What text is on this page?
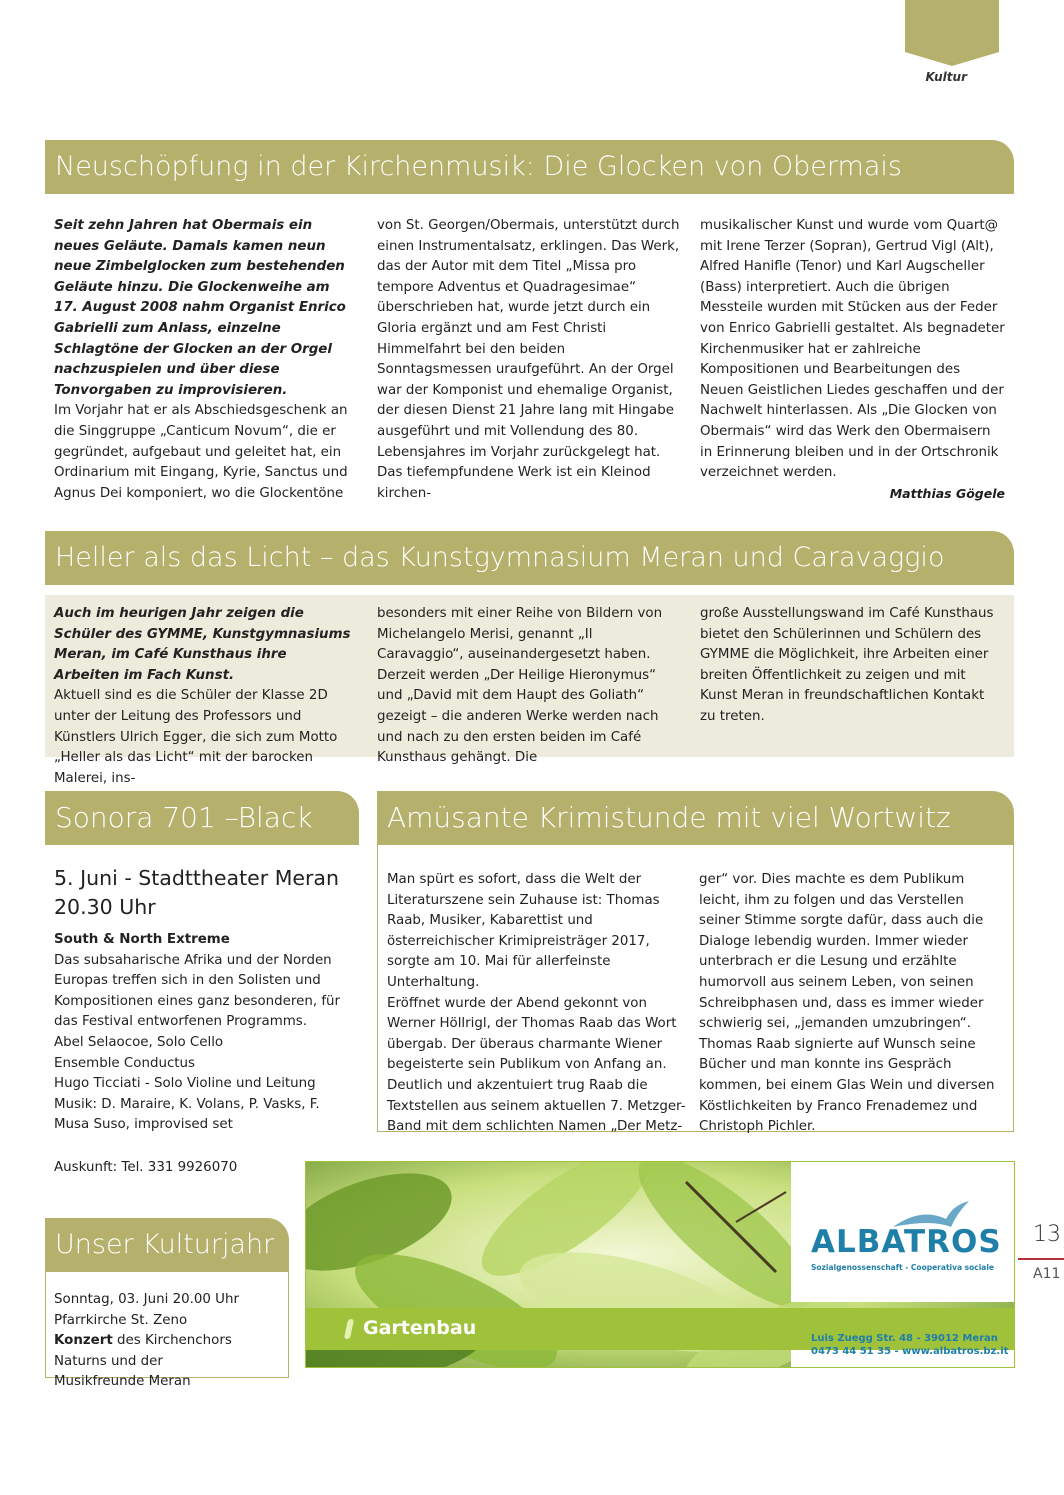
Kultur
Neuschöpfung in der Kirchenmusik: Die Glocken von Obermais

Seit zehn Jahren hat Obermais ein neues Geläute. Damals kamen neun neue Zimbelglocken zum bestehenden Geläute hinzu. Die Glockenweihe am 17. August 2008 nahm Organist Enrico Gabrielli zum Anlass, einzelne Schlagtöne der Glocken an der Orgel nachzuspielen und über diese Tonvorgaben zu improvisieren.

Im Vorjahr hat er als Abschiedsgeschenk an die Singgruppe „Canticum Novum“, die er gegründet, aufgebaut und geleitet hat, ein Ordinarium mit Eingang, Kyrie, Sanctus und Agnus Dei komponiert, wo die Glockentöne

von St. Georgen/Obermais, unterstützt durch einen Instrumentalsatz, erklingen. Das Werk, das der Autor mit dem Titel „Missa pro tempore Adventus et Quadragesimae“ überschrieben hat, wurde jetzt durch ein Gloria ergänzt und am Fest Christi Himmelfahrt bei den beiden Sonntagsmessen uraufgeführt. An der Orgel war der Komponist und ehemalige Organist, der diesen Dienst 21 Jahre lang mit Hingabe ausgeführt und mit Vollendung des 80. Lebensjahres im Vorjahr zurückgelegt hat. Das tiefempfundene Werk ist ein Kleinod kirchen-

musikalischer Kunst und wurde vom Quart@ mit Irene Terzer (Sopran), Gertrud Vigl (Alt), Alfred Hanifle (Tenor) und Karl Augscheller (Bass) interpretiert. Auch die übrigen Messteile wurden mit Stücken aus der Feder von Enrico Gabrielli gestaltet. Als begnadeter Kirchenmusiker hat er zahlreiche Kompositionen und Bearbeitungen des Neuen Geistlichen Liedes geschaffen und der Nachwelt hinterlassen. Als „Die Glocken von Obermais“ wird das Werk den Obermaisern in Erinnerung bleiben und in der Ortschronik verzeichnet werden.

Matthias Gögele
Heller als das Licht – das Kunstgymnasium Meran und Caravaggio

Auch im heurigen Jahr zeigen die Schüler des GYMME, Kunstgymnasiums Meran, im Café Kunsthaus ihre Arbeiten im Fach Kunst.

Aktuell sind es die Schüler der Klasse 2D unter der Leitung des Professors und Künstlers Ulrich Egger, die sich zum Motto „Heller als das Licht“ mit der barocken Malerei, ins-

besonders mit einer Reihe von Bildern von Michelangelo Merisi, genannt „Il Caravaggio“, auseinandergesetzt haben. Derzeit werden „Der Heilige Hieronymus“ und „David mit dem Haupt des Goliath“ gezeigt – die anderen Werke werden nach und nach zu den ersten beiden im Café Kunsthaus gehängt. Die

große Ausstellungswand im Café Kunsthaus bietet den Schülerinnen und Schülern des GYMME die Möglichkeit, ihre Arbeiten einer breiten Öffentlichkeit zu zeigen und mit Kunst Meran in freundschaftlichen Kontakt zu treten.

Sonora 701 –Black
5. Juni - Stadttheater Meran
20.30 Uhr

South & North Extreme

Das subsaharische Afrika und der Norden Europas treffen sich in den Solisten und Kompositionen eines ganz besonderen, für das Festival entworfenen Programms.

Abel Selaocoe, Solo Cello

Ensemble Conductus

Hugo Ticciati - Solo Violine und Leitung

Musik: D. Maraire, K. Volans, P. Vasks, F. Musa Suso, improvised set

Auskunft: Tel. 331 9926070
Amüsante Krimistunde mit viel Wortwitz

Man spürt es sofort, dass die Welt der Literaturszene sein Zuhause ist: Thomas Raab, Musiker, Kabarettist und österreichischer Krimipreisträger 2017, sorgte am 10. Mai für allerfeinste Unterhaltung.

Eröffnet wurde der Abend gekonnt von Werner Höllrigl, der Thomas Raab das Wort übergab. Der überaus charmante Wiener begeisterte sein Publikum von Anfang an. Deutlich und akzentuiert trug Raab die Textstellen aus seinem aktuellen 7. Metzger-Band mit dem schlichten Namen „Der Metz-

ger“ vor. Dies machte es dem Publikum leicht, ihm zu folgen und das Verstellen seiner Stimme sorgte dafür, dass auch die Dialoge lebendig wurden. Immer wieder unterbrach er die Lesung und erzählte humorvoll aus seinem Leben, von seinen Schreibphasen und, dass es immer wieder schwierig sei, „jemanden umzubringen“. Thomas Raab signierte auf Wunsch seine Bücher und man konnte ins Gespräch kommen, bei einem Glas Wein und diversen Köstlichkeiten by Franco Frenademez und Christoph Pichler.

Unser Kulturjahr

Sonntag, 03. Juni 20.00 Uhr

Pfarrkirche St. Zeno

Konzert des Kirchenchors

Naturns und der

Musikfreunde Meran

ALBATROS
Sozialgenossenschaft - Cooperativa sociale
Gartenbau	Luis Zuegg Str. 48 - 39012 Meran
0473 44 51 35 - www.albatros.bz.it
13
A11
